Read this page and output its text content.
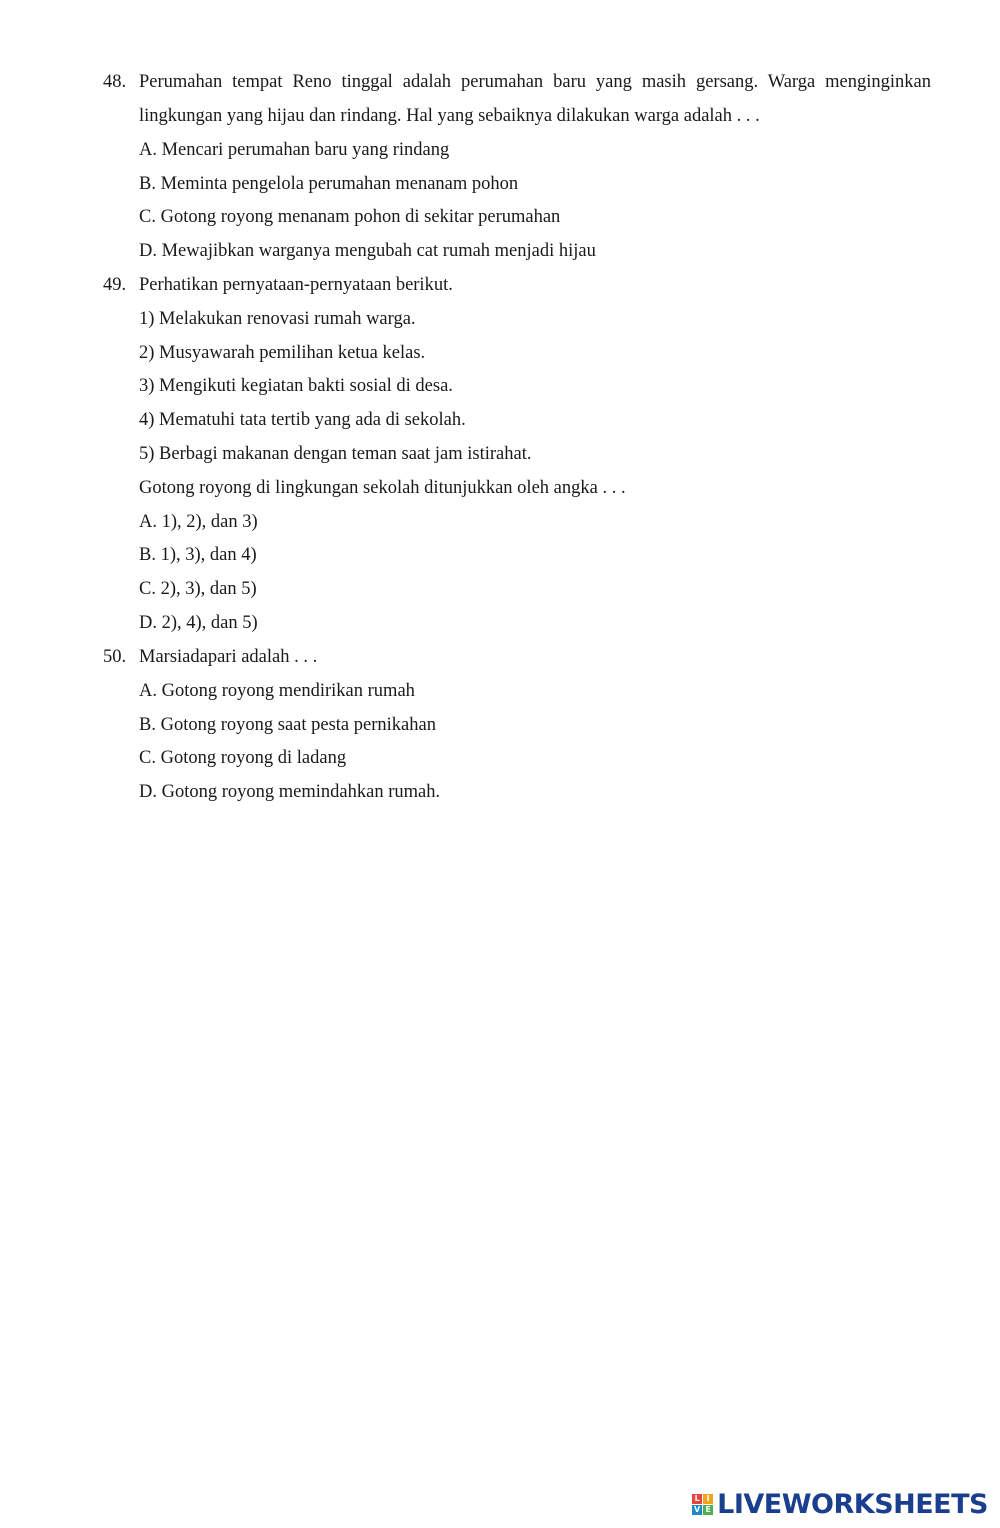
48. Perumahan tempat Reno tinggal adalah perumahan baru yang masih gersang. Warga menginginkan
lingkungan yang hijau dan rindang. Hal yang sebaiknya dilakukan warga adalah . . .
A. Mencari perumahan baru yang rindang
B. Meminta pengelola perumahan menanam pohon
C. Gotong royong menanam pohon di sekitar perumahan
D. Mewajibkan warganya mengubah cat rumah menjadi hijau
49. Perhatikan pernyataan-pernyataan berikut.
1) Melakukan renovasi rumah warga.
2) Musyawarah pemilihan ketua kelas.
3) Mengikuti kegiatan bakti sosial di desa.
4) Mematuhi tata tertib yang ada di sekolah.
5) Berbagi makanan dengan teman saat jam istirahat.
Gotong royong di lingkungan sekolah ditunjukkan oleh angka . . .
A. 1), 2), dan 3)
B. 1), 3), dan 4)
C. 2), 3), dan 5)
D. 2), 4), dan 5)
50. Marsiadapari adalah . . .
A. Gotong royong mendirikan rumah
B. Gotong royong saat pesta pernikahan
C. Gotong royong di ladang
D. Gotong royong memindahkan rumah.
L I
V E LIVEWORKSHEETS
